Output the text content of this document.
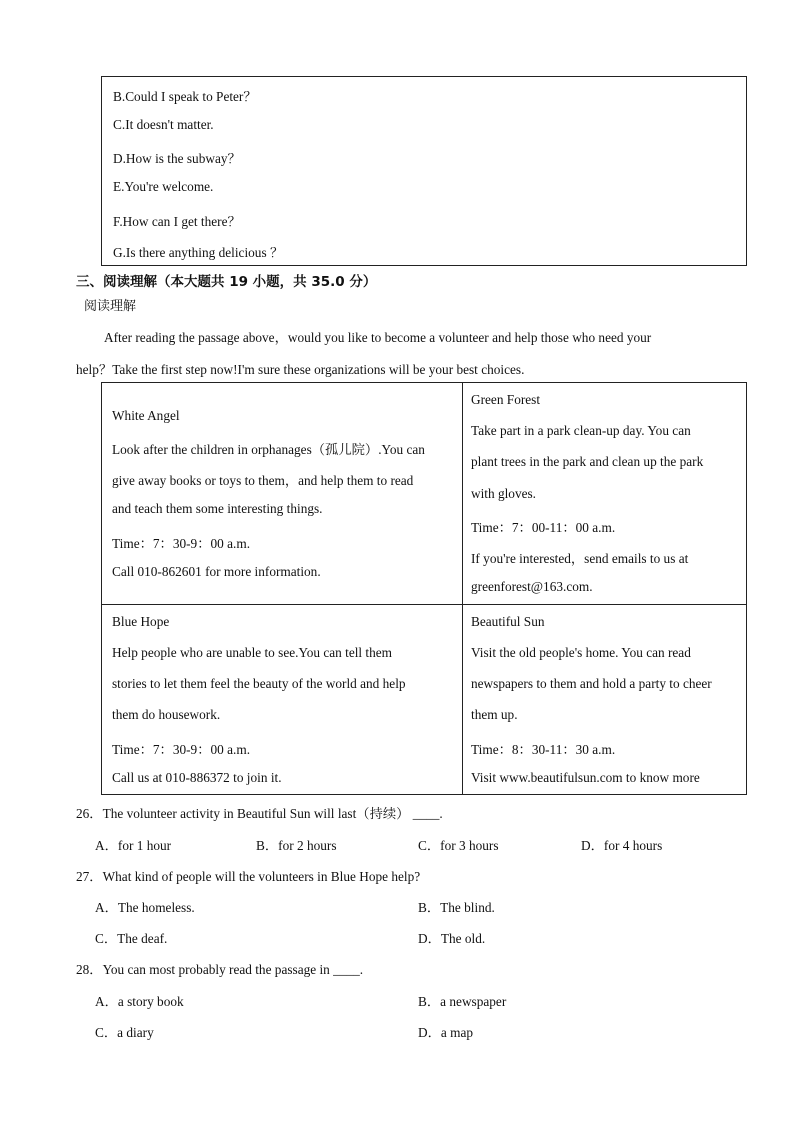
B.Could I speak to Peter？
C.It doesn't matter.
D.How is the subway？
E.You're welcome.
F.How can I get there？
G.Is there anything delicious ？
三、阅读理解（本大题共 19 小题，共 35.0 分）
阅读理解
After reading the passage above，would you like to become a volunteer and help those who need your
help？Take the first step now!I'm sure these organizations will be your best choices.
White Angel
Look after the children in orphanages（孤儿院）.You can
give away books or toys to them，and help them to read
and teach them some interesting things.
Time：7：30-9：00 a.m.
Call 010-862601 for more information.
Green Forest
Take part in a park clean-up day. You can
plant trees in the park and clean up the park
with gloves.
Time：7：00-11：00 a.m.
If you're interested，send emails to us at
greenforest@163.com.
Blue Hope
Help people who are unable to see.You can tell them
stories to let them feel the beauty of the world and help
them do housework.
Time：7：30-9：00 a.m.
Call us at 010-886372 to join it.
Beautiful Sun
Visit the old people's home. You can read
newspapers to them and hold a party to cheer
them up.
Time：8：30-11：30 a.m.
Visit www.beautifulsun.com to know more
26．The volunteer activity in Beautiful Sun will last（持续） ____.
A．for 1 hour	B．for 2 hours	C．for 3 hours	D．for 4 hours
27．What kind of people will the volunteers in Blue Hope help?
A．The homeless.	B．The blind.
C．The deaf.	D．The old.
28．You can most probably read the passage in ____.
A．a story book	B．a newspaper
C．a diary	D．a map
